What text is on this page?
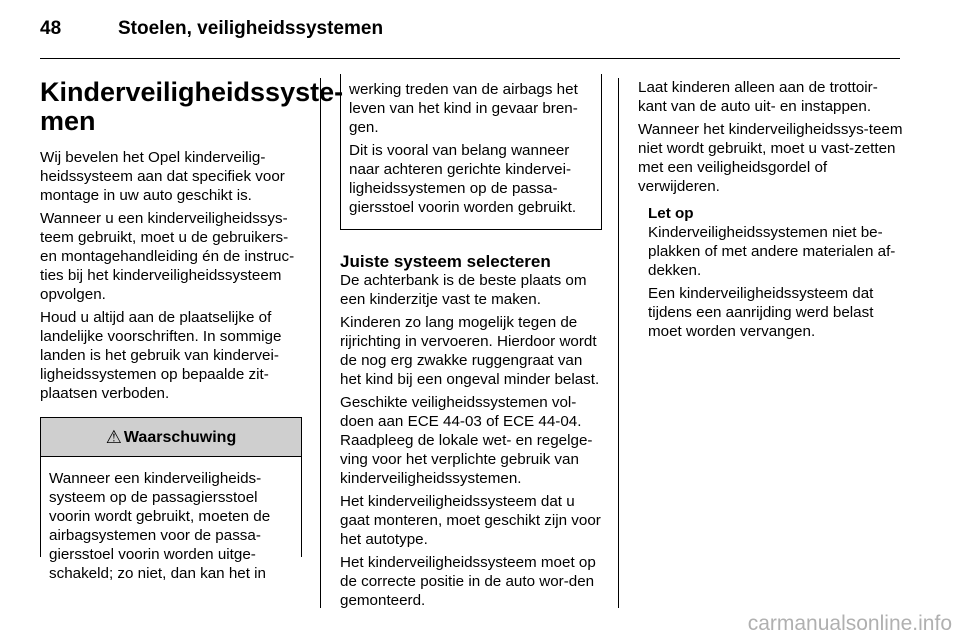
48	Stoelen, veiligheidssystemen
Kinderveiligheidssyste-
men

Wij bevelen het Opel kinderveilig-heidssysteem aan dat specifiek voor montage in uw auto geschikt is.

Wanneer u een kinderveiligheidssys-teem gebruikt, moet u de gebruikers-en montagehandleiding én de instruc-ties bij het kinderveiligheidssysteem opvolgen.

Houd u altijd aan de plaatselijke of landelijke voorschriften. In sommige landen is het gebruik van kindervei-ligheidssystemen op bepaalde zit-plaatsen verboden.

⚠ Waarschuwing
Wanneer een kinderveiligheids-systeem op de passagiersstoel voorin wordt gebruikt, moeten de airbagsystemen voor de passa-giersstoel voorin worden uitge-schakeld; zo niet, dan kan het in

werking treden van de airbags het leven van het kind in gevaar bren-gen.

Dit is vooral van belang wanneer naar achteren gerichte kindervei-ligheidssystemen op de passa-giersstoel voorin worden gebruikt.

Juiste systeem selecteren

De achterbank is de beste plaats om een kinderzitje vast te maken.

Kinderen zo lang mogelijk tegen de rijrichting in vervoeren. Hierdoor wordt de nog erg zwakke ruggengraat van het kind bij een ongeval minder belast.

Geschikte veiligheidssystemen vol-doen aan ECE 44-03 of ECE 44-04. Raadpleeg de lokale wet- en regelge-ving voor het verplichte gebruik van kinderveiligheidssystemen.

Het kinderveiligheidssysteem dat u gaat monteren, moet geschikt zijn voor het autotype.

Het kinderveiligheidssysteem moet op de correcte positie in de auto wor-den gemonteerd.

Laat kinderen alleen aan de trottoir-kant van de auto uit- en instappen.

Wanneer het kinderveiligheidssys-teem niet wordt gebruikt, moet u vast-zetten met een veiligheidsgordel of verwijderen.

Let op

Kinderveiligheidssystemen niet be-plakken of met andere materialen af-dekken.

Een kinderveiligheidssysteem dat tijdens een aanrijding werd belast moet worden vervangen.

carmanualsonline.info
